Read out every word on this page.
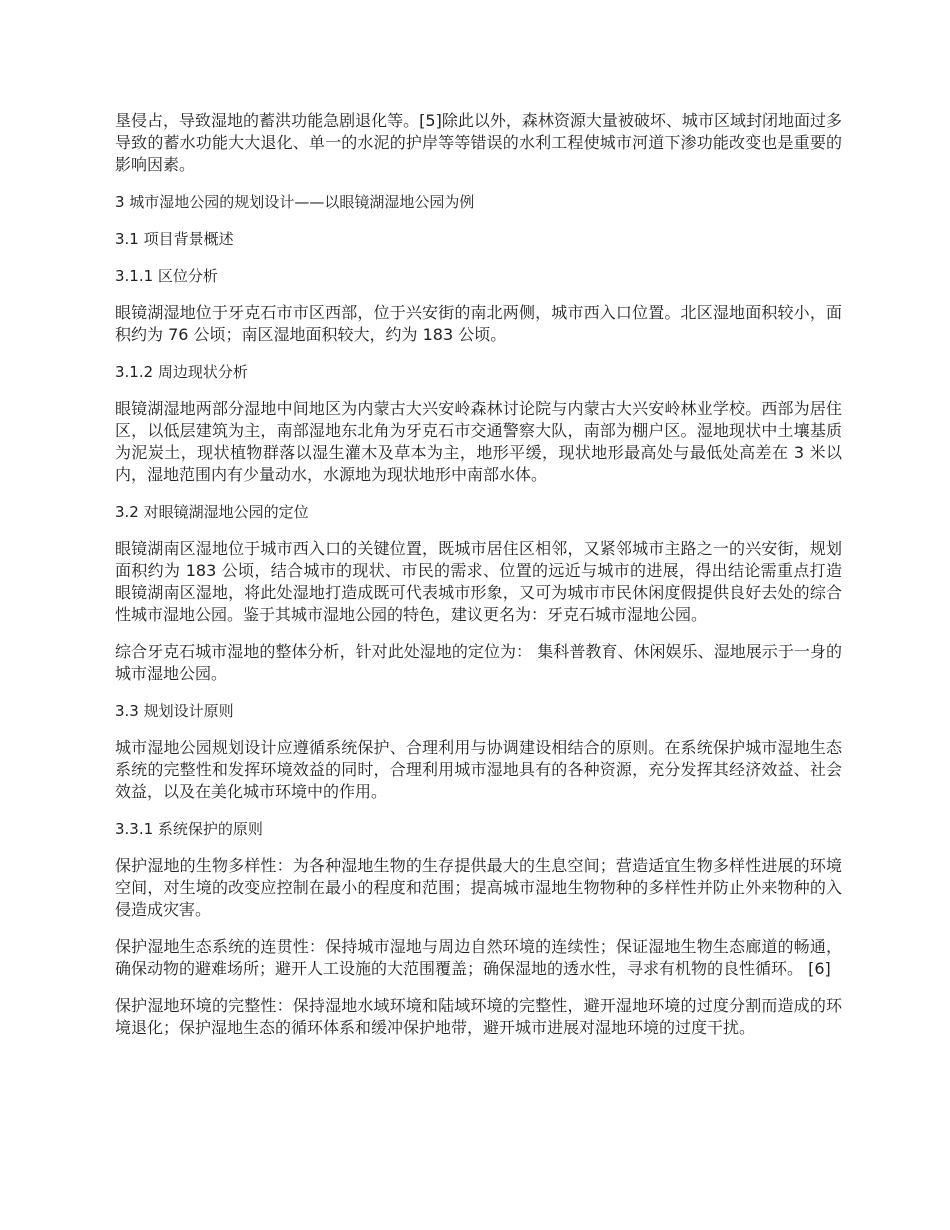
垦侵占，导致湿地的蓄洪功能急剧退化等。[5]除此以外，森林资源大量被破坏、城市区域封闭地面过多导致的蓄水功能大大退化、单一的水泥的护岸等等错误的水利工程使城市河道下渗功能改变也是重要的影响因素。

3 城市湿地公园的规划设计——以眼镜湖湿地公园为例

3.1 项目背景概述

3.1.1 区位分析

眼镜湖湿地位于牙克石市市区西部，位于兴安街的南北两侧，城市西入口位置。北区湿地面积较小，面积约为 76 公顷；南区湿地面积较大，约为 183 公顷。

3.1.2 周边现状分析

眼镜湖湿地两部分湿地中间地区为内蒙古大兴安岭森林讨论院与内蒙古大兴安岭林业学校。西部为居住区，以低层建筑为主，南部湿地东北角为牙克石市交通警察大队，南部为棚户区。湿地现状中土壤基质为泥炭土，现状植物群落以湿生灌木及草本为主，地形平缓，现状地形最高处与最低处高差在 3 米以内，湿地范围内有少量动水，水源地为现状地形中南部水体。

3.2 对眼镜湖湿地公园的定位

眼镜湖南区湿地位于城市西入口的关键位置，既城市居住区相邻，又紧邻城市主路之一的兴安街，规划面积约为 183 公顷，结合城市的现状、市民的需求、位置的远近与城市的进展，得出结论需重点打造眼镜湖南区湿地，将此处湿地打造成既可代表城市形象，又可为城市市民休闲度假提供良好去处的综合性城市湿地公园。鉴于其城市湿地公园的特色，建议更名为：牙克石城市湿地公园。

综合牙克石城市湿地的整体分析，针对此处湿地的定位为： 集科普教育、休闲娱乐、湿地展示于一身的城市湿地公园。

3.3 规划设计原则

城市湿地公园规划设计应遵循系统保护、合理利用与协调建设相结合的原则。在系统保护城市湿地生态系统的完整性和发挥环境效益的同时，合理利用城市湿地具有的各种资源，充分发挥其经济效益、社会效益，以及在美化城市环境中的作用。

3.3.1 系统保护的原则

保护湿地的生物多样性：为各种湿地生物的生存提供最大的生息空间；营造适宜生物多样性进展的环境空间，对生境的改变应控制在最小的程度和范围；提高城市湿地生物物种的多样性并防止外来物种的入侵造成灾害。

保护湿地生态系统的连贯性：保持城市湿地与周边自然环境的连续性；保证湿地生物生态廊道的畅通，确保动物的避难场所；避开人工设施的大范围覆盖；确保湿地的透水性，寻求有机物的良性循环。 [6]

保护湿地环境的完整性：保持湿地水域环境和陆域环境的完整性，避开湿地环境的过度分割而造成的环境退化；保护湿地生态的循环体系和缓冲保护地带，避开城市进展对湿地环境的过度干扰。
